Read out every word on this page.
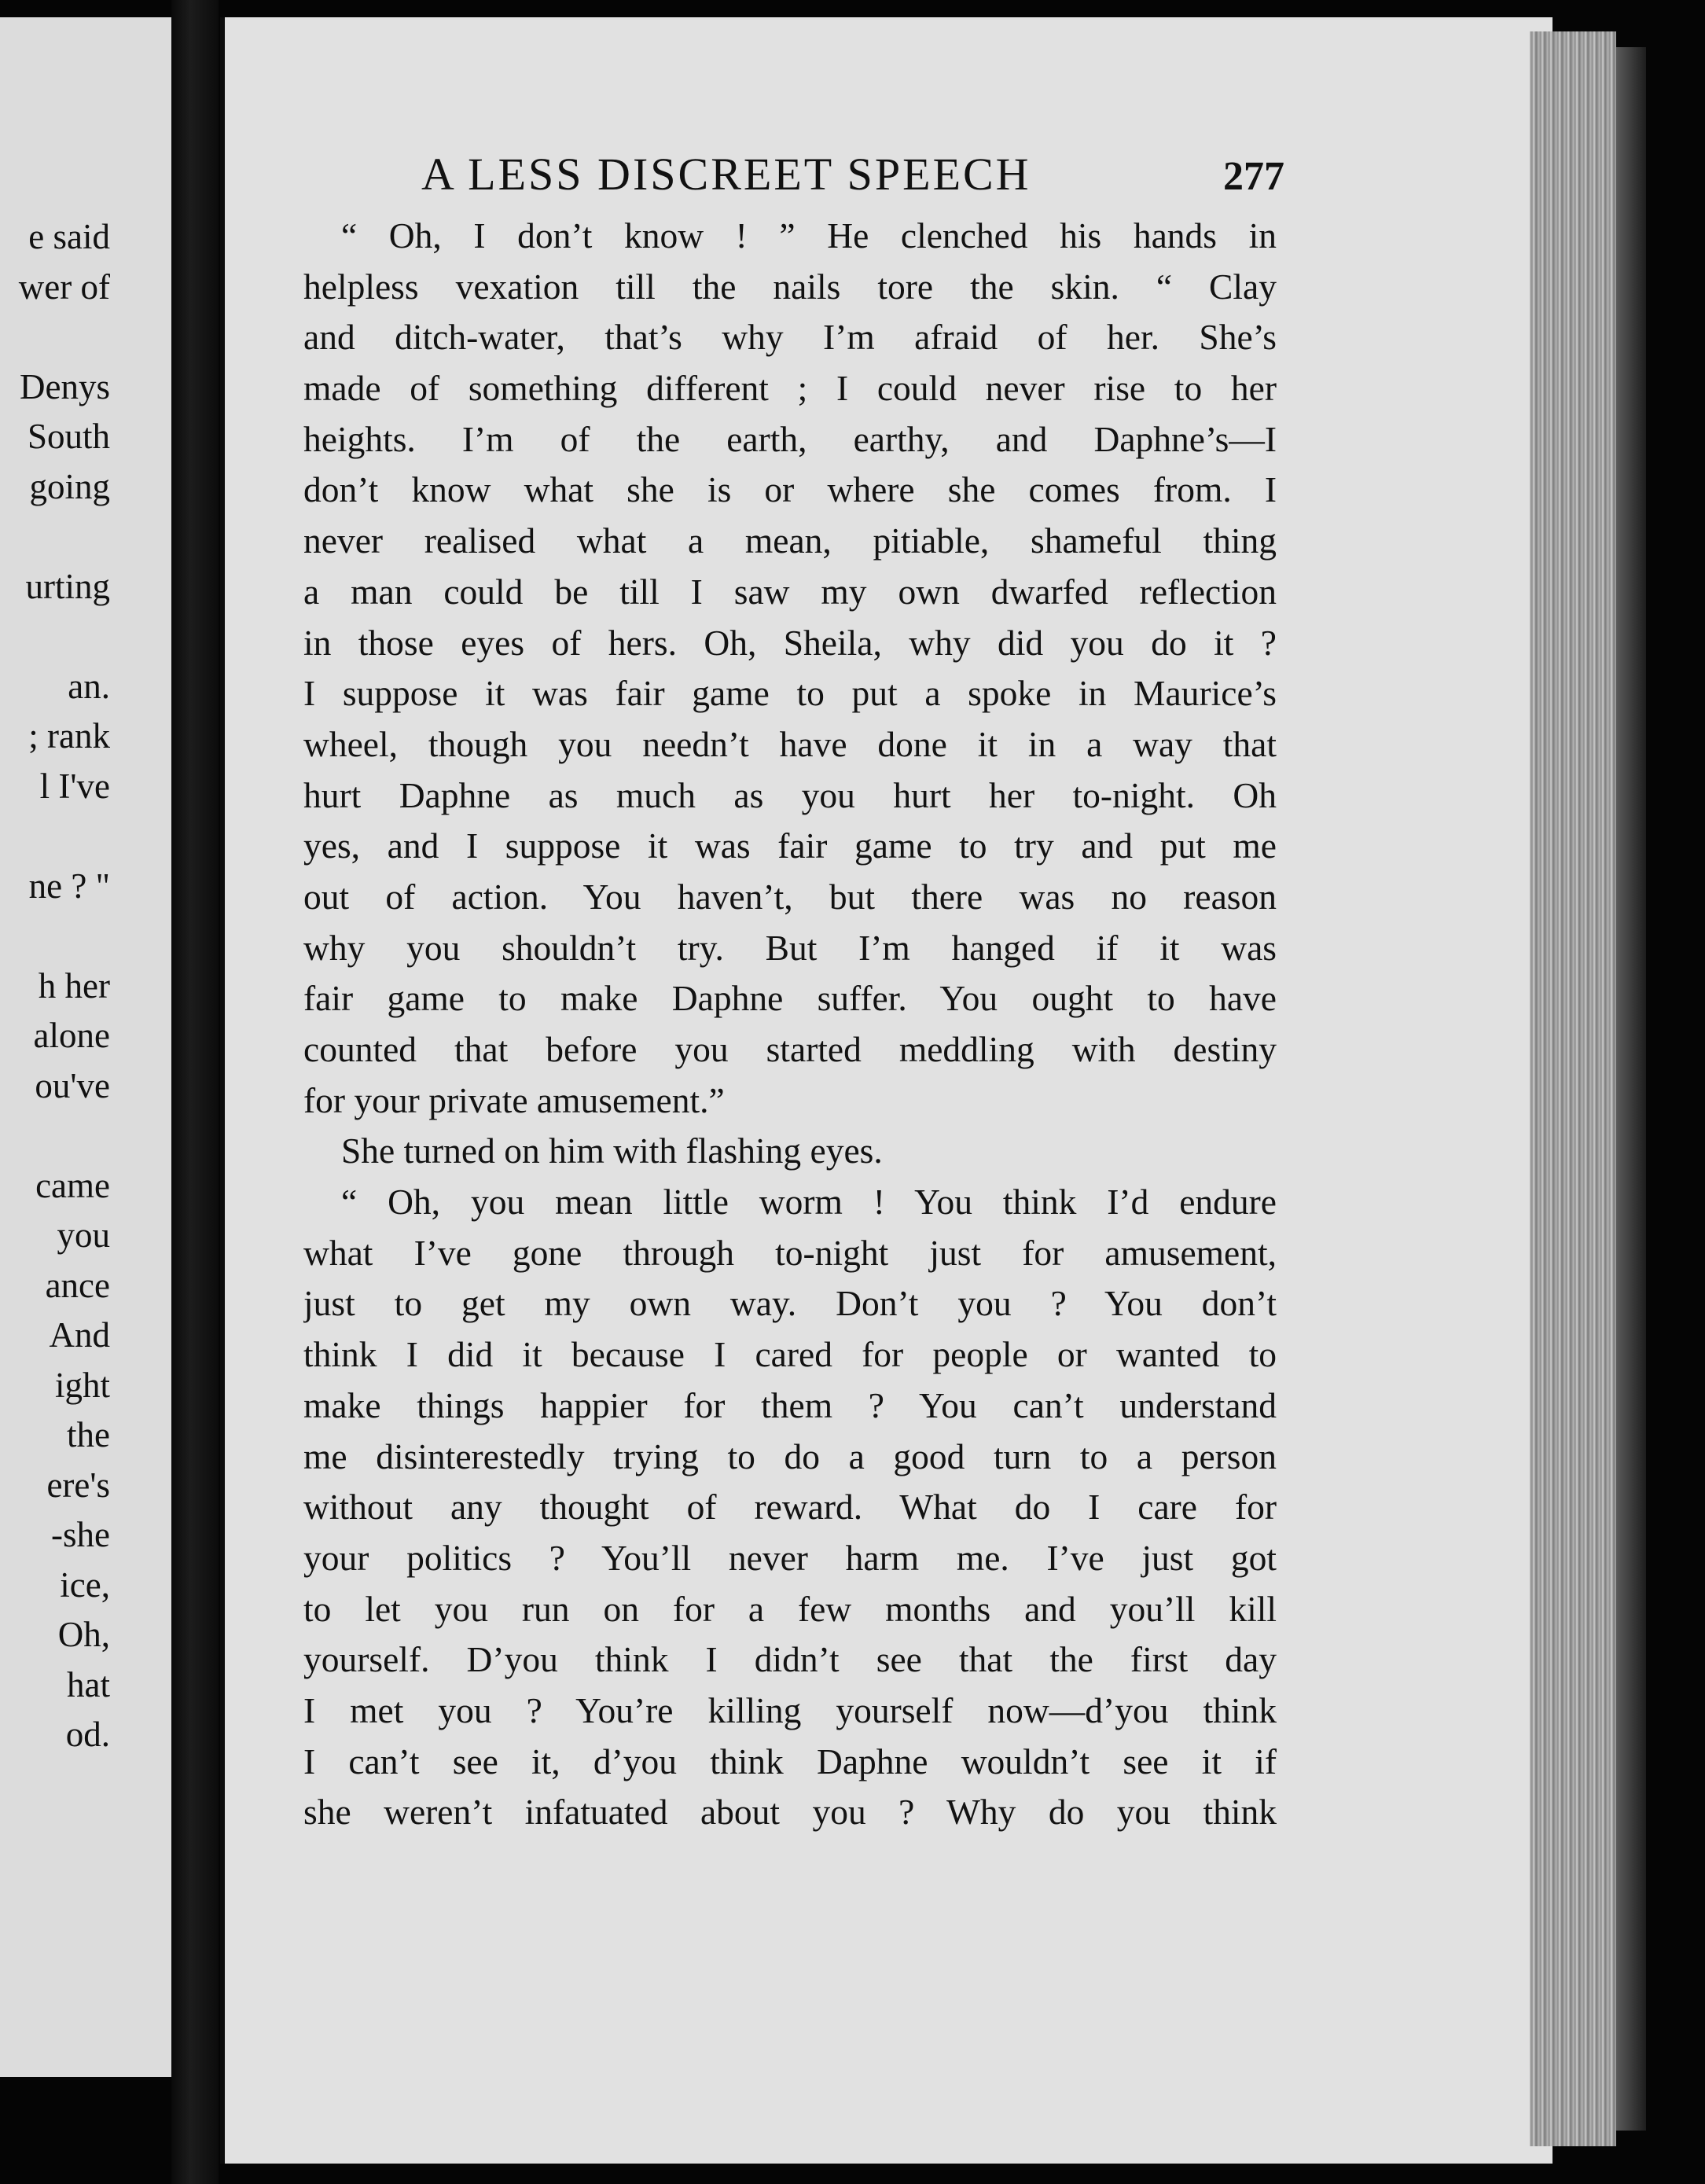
e said
wer of

Denys
South
going

urting

an.
; rank
l I've

ne ? "

h her
alone
ou've

came
you
ance
And
ight
the
ere's
-she
ice,
Oh,
hat
od.
A LESS DISCREET SPEECH	277
“ Oh, I don’t know ! ” He clenched his hands in
helpless vexation till the nails tore the skin. “ Clay
and ditch-water, that’s why I’m afraid of her. She’s
made of something different ; I could never rise to her
heights. I’m of the earth, earthy, and Daphne’s—I
don’t know what she is or where she comes from. I
never realised what a mean, pitiable, shameful thing
a man could be till I saw my own dwarfed reflection
in those eyes of hers. Oh, Sheila, why did you do it ?
I suppose it was fair game to put a spoke in Maurice’s
wheel, though you needn’t have done it in a way that
hurt Daphne as much as you hurt her to-night. Oh
yes, and I suppose it was fair game to try and put me
out of action. You haven’t, but there was no reason
why you shouldn’t try. But I’m hanged if it was
fair game to make Daphne suffer. You ought to have
counted that before you started meddling with destiny
for your private amusement.”
She turned on him with flashing eyes.
“ Oh, you mean little worm ! You think I’d endure
what I’ve gone through to-night just for amusement,
just to get my own way. Don’t you ? You don’t
think I did it because I cared for people or wanted to
make things happier for them ? You can’t understand
me disinterestedly trying to do a good turn to a person
without any thought of reward. What do I care for
your politics ? You’ll never harm me. I’ve just got
to let you run on for a few months and you’ll kill
yourself. D’you think I didn’t see that the first day
I met you ? You’re killing yourself now—d’you think
I can’t see it, d’you think Daphne wouldn’t see it if
she weren’t infatuated about you ? Why do you think
